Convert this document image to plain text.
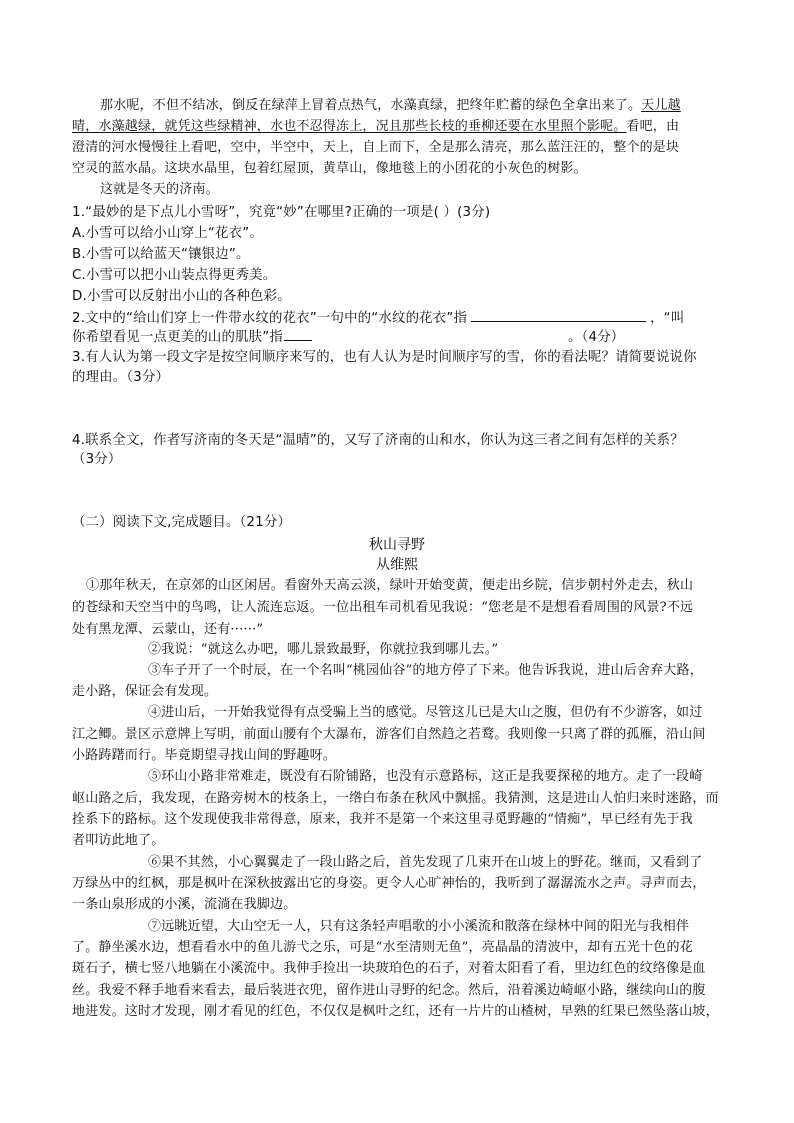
那水呢，不但不结冰，倒反在绿萍上冒着点热气，水藻真绿，把终年贮蓄的绿色全拿出来了。天儿越
晴，水藻越绿，就凭这些绿精神，水也不忍得冻上，况且那些长枝的垂柳还要在水里照个影呢。看吧，由
澄清的河水慢慢往上看吧，空中，半空中，天上，自上而下，全是那么清亮，那么蓝汪汪的，整个的是块
空灵的蓝水晶。这块水晶里，包着红屋顶，黄草山，像地毯上的小团花的小灰色的树影。
这就是冬天的济南。
1.“最妙的是下点儿小雪呀”，究竟“妙”在哪里?正确的一项是( ）(3分)
A.小雪可以给小山穿上“花衣”。
B.小雪可以给蓝天“镶银边”。
C.小雪可以把小山装点得更秀美。
D.小雪可以反射出小山的各种色彩。
2.文中的“给山们穿上一件带水纹的花衣”一句中的“水纹的花衣”指	，“叫
你希望看见一点更美的山的肌肤”指	。（4分）
3.有人认为第一段文字是按空间顺序来写的，也有人认为是时间顺序写的雪，你的看法呢？请简要说说你
的理由。（3分）
4.联系全文，作者写济南的冬天是“温晴”的，又写了济南的山和水，你认为这三者之间有怎样的关系？
（3分）
（二）阅读下文,完成题目。（21分）
秋山寻野
从维熙
①那年秋天，在京郊的山区闲居。看窗外天高云淡，绿叶开始变黄，便走出乡院，信步朝村外走去，秋山
的苍绿和天空当中的鸟鸣，让人流连忘返。一位出租车司机看见我说：“您老是不是想看看周围的风景?不远
处有黑龙潭、云蒙山，还有······”
②我说：“就这么办吧，哪儿景致最野，你就拉我到哪儿去。”
③车子开了一个时辰，在一个名叫“桃园仙谷”的地方停了下来。他告诉我说，进山后舍弃大路，
走小路，保证会有发现。
④进山后，一开始我觉得有点受骗上当的感觉。尽管这儿已是大山之腹，但仍有不少游客，如过
江之鲫。景区示意牌上写明，前面山腰有个大瀑布，游客们自然趋之若鹜。我则像一只离了群的孤雁，沿山间
小路踌躇而行。毕竟期望寻找山间的野趣呀。
⑤环山小路非常难走，既没有石阶铺路，也没有示意路标，这正是我要探秘的地方。走了一段崎
岖山路之后，我发现，在路旁树木的枝条上，一绺白布条在秋风中飘摇。我猜测，这是进山人怕归来时迷路，而
拴系下的路标。这个发现使我非常得意，原来，我并不是第一个来这里寻觅野趣的“情痴”，早已经有先于我
者叩访此地了。
⑥果不其然，小心翼翼走了一段山路之后，首先发现了几束开在山坡上的野花。继而，又看到了
万绿丛中的红枫，那是枫叶在深秋披露出它的身姿。更令人心旷神怡的，我听到了潺潺流水之声。寻声而去，
一条山泉形成的小溪，流淌在我脚边。
⑦远眺近望，大山空无一人，只有这条轻声唱歌的小小溪流和散落在绿林中间的阳光与我相伴
了。静坐溪水边，想看看水中的鱼儿游弋之乐，可是“水至清则无鱼”，亮晶晶的清波中，却有五光十色的花
斑石子，横七竖八地躺在小溪流中。我伸手捡出一块玻珀色的石子，对着太阳看了看，里边红色的纹络像是血
丝。我爱不释手地看来看去，最后装进衣兜，留作进山寻野的纪念。然后，沿着溪边崎岖小路，继续向山的腹
地进发。这时才发现，刚才看见的红色，不仅仅是枫叶之红，还有一片片的山楂树，早熟的红果已然坠落山坡，
